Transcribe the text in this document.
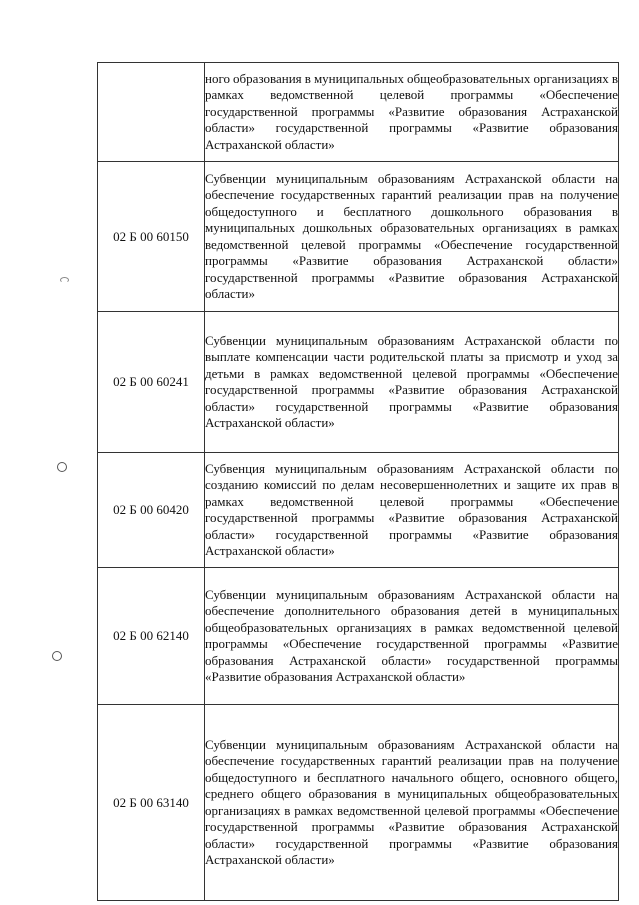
	ного образования в муниципальных общеобразовательных организациях в рамках ведомственной целевой программы «Обеспечение государственной программы «Развитие образования Астраханской области» государственной программы «Развитие образования Астраханской области»
02 Б 00 60150	Субвенции муниципальным образованиям Астраханской области на обеспечение государственных гарантий реализации прав на получение общедоступного и бесплатного дошкольного образования в муниципальных дошкольных образовательных организациях в рамках ведомственной целевой программы «Обеспечение государственной программы «Развитие образования Астраханской области» государственной программы «Развитие образования Астраханской области»
02 Б 00 60241	Субвенции муниципальным образованиям Астраханской области по выплате компенсации части родительской платы за присмотр и уход за детьми в рамках ведомственной целевой программы «Обеспечение государственной программы «Развитие образования Астраханской области» государственной программы «Развитие образования Астраханской области»
02 Б 00 60420	Субвенция муниципальным образованиям Астраханской области по созданию комиссий по делам несовершеннолетних и защите их прав в рамках ведомственной целевой программы «Обеспечение государственной программы «Развитие образования Астраханской области» государственной программы «Развитие образования Астраханской области»
02 Б 00 62140	Субвенции муниципальным образованиям Астраханской области на обеспечение дополнительного образования детей в муниципальных общеобразовательных организациях в рамках ведомственной целевой программы «Обеспечение государственной программы «Развитие образования Астраханской области» государственной программы «Развитие образования Астраханской области»
02 Б 00 63140	Субвенции муниципальным образованиям Астраханской области на обеспечение государственных гарантий реализации прав на получение общедоступного и бесплатного начального общего, основного общего, среднего общего образования в муниципальных общеобразовательных организациях в рамках ведомственной целевой программы «Обеспечение государственной программы «Развитие образования Астраханской области» государственной программы «Развитие образования Астраханской области»
